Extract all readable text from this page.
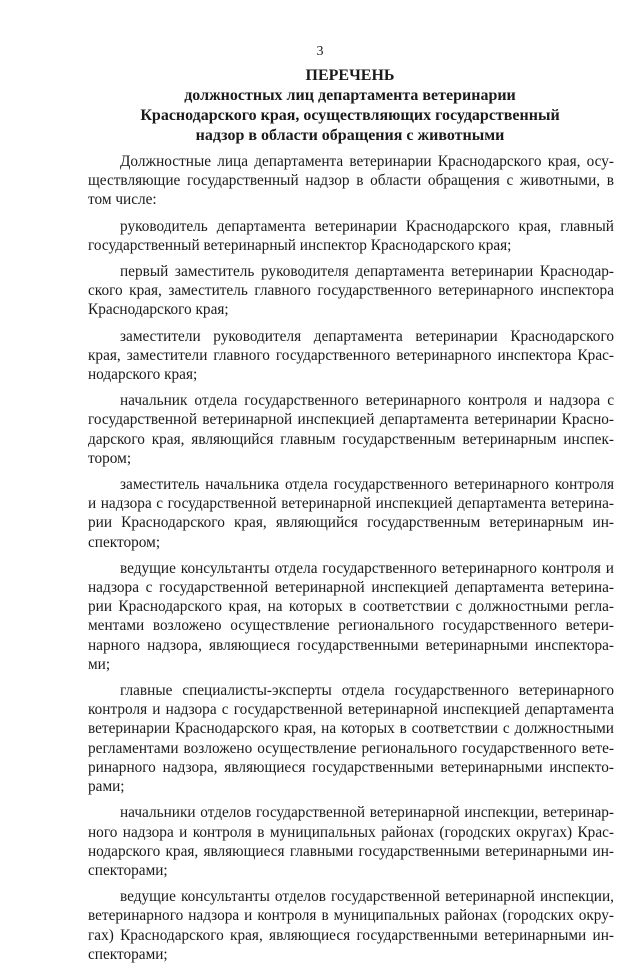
3
ПЕРЕЧЕНЬ
должностных лиц департамента ветеринарии
Краснодарского края, осуществляющих государственный
надзор в области обращения с животными
Должностные лица департамента ветеринарии Краснодарского края, осу-
ществляющие государственный надзор в области обращения с животными, в
том числе:
руководитель департамента ветеринарии Краснодарского края, главный
государственный ветеринарный инспектор Краснодарского края;
первый заместитель руководителя департамента ветеринарии Краснодар-
ского края, заместитель главного государственного ветеринарного инспектора
Краснодарского края;
заместители руководителя департамента ветеринарии Краснодарского
края, заместители главного государственного ветеринарного инспектора Крас-
нодарского края;
начальник отдела государственного ветеринарного контроля и надзора с
государственной ветеринарной инспекцией департамента ветеринарии Красно-
дарского края, являющийся главным государственным ветеринарным инспек-
тором;
заместитель начальника отдела государственного ветеринарного контроля
и надзора с государственной ветеринарной инспекцией департамента ветерина-
рии Краснодарского края, являющийся государственным ветеринарным ин-
спектором;
ведущие консультанты отдела государственного ветеринарного контроля и
надзора с государственной ветеринарной инспекцией департамента ветерина-
рии Краснодарского края, на которых в соответствии с должностными регла-
ментами возложено осуществление регионального государственного ветери-
нарного надзора, являющиеся государственными ветеринарными инспектора-
ми;
главные специалисты-эксперты отдела государственного ветеринарного
контроля и надзора с государственной ветеринарной инспекцией департамента
ветеринарии Краснодарского края, на которых в соответствии с должностными
регламентами возложено осуществление регионального государственного вете-
ринарного надзора, являющиеся государственными ветеринарными инспекто-
рами;
начальники отделов государственной ветеринарной инспекции, ветеринар-
ного надзора и контроля в муниципальных районах (городских округах) Крас-
нодарского края, являющиеся главными государственными ветеринарными ин-
спекторами;
ведущие консультанты отделов государственной ветеринарной инспекции,
ветеринарного надзора и контроля в муниципальных районах (городских окру-
гах) Краснодарского края, являющиеся государственными ветеринарными ин-
спекторами;
